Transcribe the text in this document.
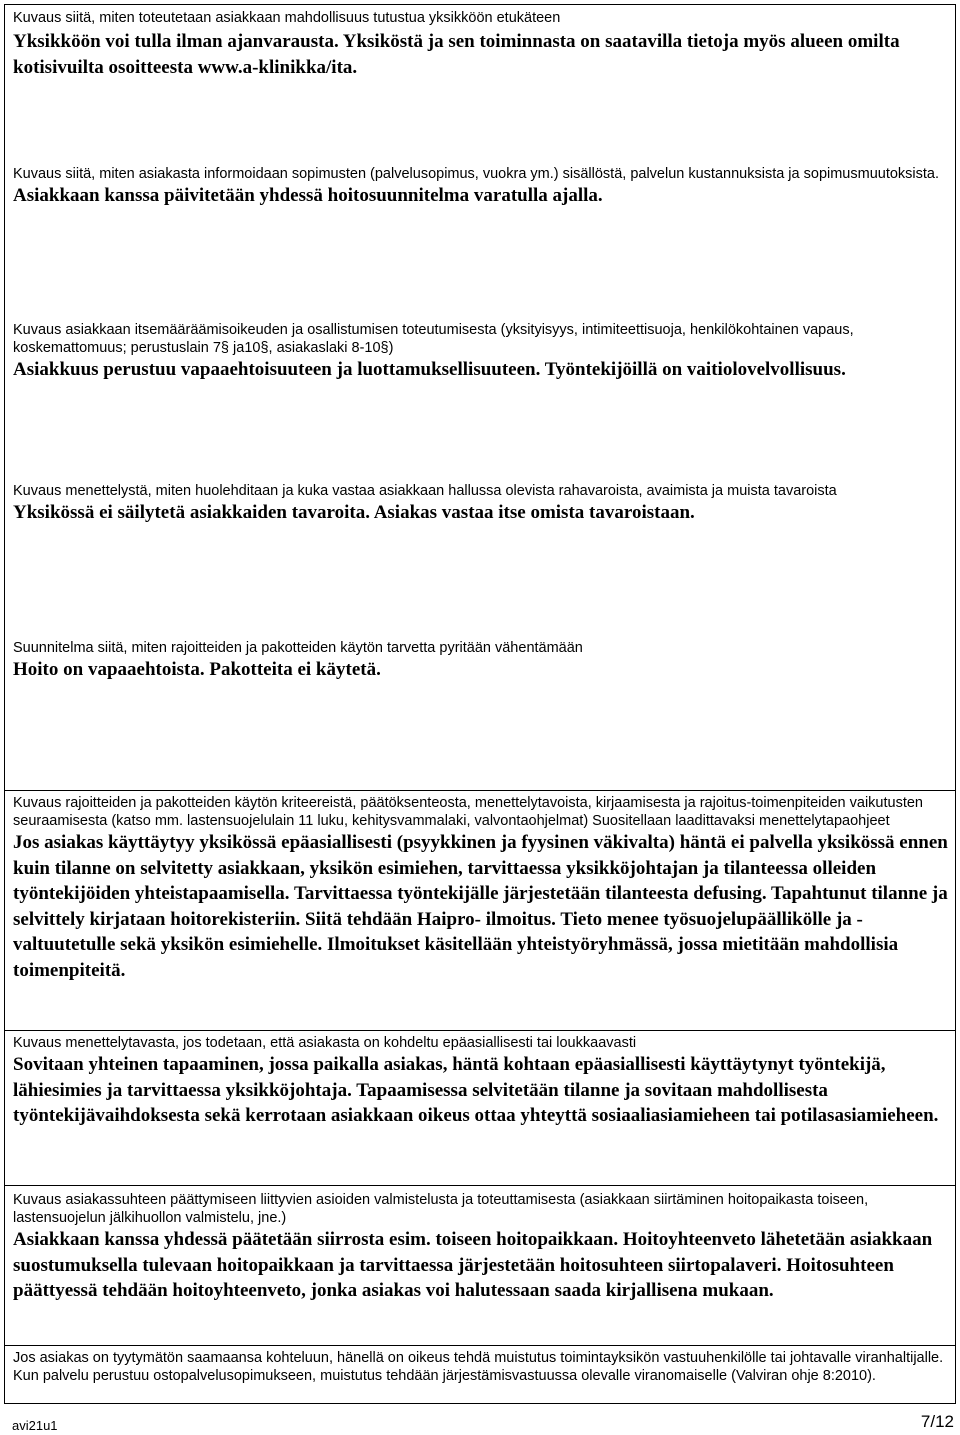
Kuvaus siitä, miten toteutetaan asiakkaan mahdollisuus tutustua yksikköön etukäteen

Yksikköön voi tulla ilman ajanvarausta. Yksiköstä ja sen toiminnasta on saatavilla tietoja myös alueen omilta kotisivuilta osoitteesta www.a-klinikka/ita.

Kuvaus siitä, miten asiakasta informoidaan sopimusten (palvelusopimus, vuokra ym.) sisällöstä, palvelun kustannuksista ja sopimusmuutoksista.

Asiakkaan kanssa päivitetään yhdessä hoitosuunnitelma varatulla ajalla.

Kuvaus asiakkaan itsemääräämisoikeuden ja osallistumisen toteutumisesta (yksityisyys, intimiteettisuoja, henkilökohtainen vapaus, koskemattomuus; perustuslain 7§ ja10§, asiakaslaki 8-10§)

Asiakkuus perustuu vapaaehtoisuuteen ja luottamuksellisuuteen. Työntekijöillä on vaitiolovelvollisuus.

Kuvaus menettelystä, miten huolehditaan ja kuka vastaa asiakkaan hallussa olevista rahavaroista, avaimista ja muista tavaroista

Yksikössä ei säilytetä asiakkaiden tavaroita. Asiakas vastaa itse omista tavaroistaan.

Suunnitelma siitä, miten rajoitteiden ja pakotteiden käytön tarvetta pyritään vähentämään

Hoito on vapaaehtoista. Pakotteita ei käytetä.

Kuvaus rajoitteiden ja pakotteiden käytön kriteereistä, päätöksenteosta, menettelytavoista, kirjaamisesta ja rajoitus-toimenpiteiden vaikutusten seuraamisesta (katso mm. lastensuojelulain 11 luku, kehitysvammalaki, valvontaohjelmat) Suositellaan laadittavaksi menettelytapaohjeet

Jos asiakas käyttäytyy yksikössä epäasiallisesti (psyykkinen ja fyysinen väkivalta) häntä ei palvella yksikössä ennen kuin tilanne on selvitetty asiakkaan, yksikön esimiehen, tarvittaessa yksikköjohtajan ja tilanteessa olleiden työntekijöiden yhteistapaamisella. Tarvittaessa työntekijälle järjestetään tilanteesta defusing. Tapahtunut tilanne ja selvittely kirjataan hoitorekisteriin. Siitä tehdään Haipro- ilmoitus. Tieto menee työsuojelupäällikölle ja -valtuutetulle sekä yksikön esimiehelle. Ilmoitukset käsitellään yhteistyöryhmässä, jossa mietitään mahdollisia toimenpiteitä.

Kuvaus menettelytavasta, jos todetaan, että asiakasta on kohdeltu epäasiallisesti tai loukkaavasti

Sovitaan yhteinen tapaaminen, jossa paikalla asiakas, häntä kohtaan epäasiallisesti käyttäytynyt työntekijä, lähiesimies ja tarvittaessa yksikköjohtaja. Tapaamisessa selvitetään tilanne ja sovitaan mahdollisesta työntekijävaihdoksesta sekä kerrotaan asiakkaan oikeus ottaa yhteyttä sosiaaliasiamieheen tai potilasasiamieheen.

Kuvaus asiakassuhteen päättymiseen liittyvien asioiden valmistelusta ja toteuttamisesta (asiakkaan siirtäminen hoitopaikasta toiseen, lastensuojelun jälkihuollon valmistelu, jne.)

Asiakkaan kanssa yhdessä päätetään siirrosta esim. toiseen hoitopaikkaan. Hoitoyhteenveto lähetetään asiakkaan suostumuksella tulevaan hoitopaikkaan ja tarvittaessa järjestetään hoitosuhteen siirtopalaveri. Hoitosuhteen päättyessä tehdään hoitoyhteenveto, jonka asiakas voi halutessaan saada kirjallisena mukaan.

Jos asiakas on tyytymätön saamaansa kohteluun, hänellä on oikeus tehdä muistutus toimintayksikön vastuuhenkilölle tai johtavalle viranhaltijalle. Kun palvelu perustuu ostopalvelusopimukseen, muistutus tehdään järjestämisvastuussa olevalle viranomaiselle (Valviran ohje 8:2010).

avi21u1	7/12
